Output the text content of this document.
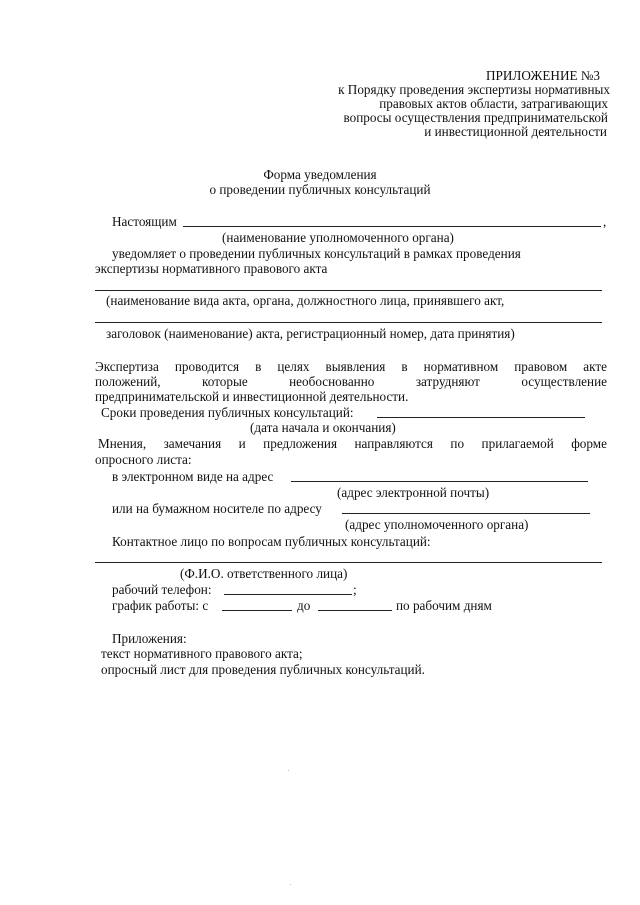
ПРИЛОЖЕНИЕ №3
к Порядку проведения экспертизы нормативных
правовых актов области, затрагивающих
вопросы осуществления предпринимательской
и инвестиционной деятельности
Форма уведомления
о проведении публичных консультаций
Настоящим	,
(наименование уполномоченного органа)
уведомляет о проведении публичных консультаций в рамках проведения
экспертизы нормативного правового акта
(наименование вида акта, органа, должностного лица, принявшего акт,
заголовок (наименование) акта, регистрационный номер, дата принятия)
Экспертиза проводится в целях выявления в нормативном правовом акте
положений, которые необоснованно затрудняют осуществление
предпринимательской и инвестиционной деятельности.
Сроки проведения публичных консультаций:
(дата начала и окончания)
Мнения, замечания и предложения направляются по прилагаемой форме
опросного листа:
в электронном виде на адрес
(адрес электронной почты)
или на бумажном носителе по адресу
(адрес уполномоченного органа)
Контактное лицо по вопросам публичных консультаций:
(Ф.И.О. ответственного лица)
рабочий телефон:	;
график работы: с	до	по рабочим дням
Приложения:
текст нормативного правового акта;
опросный лист для проведения публичных консультаций.
